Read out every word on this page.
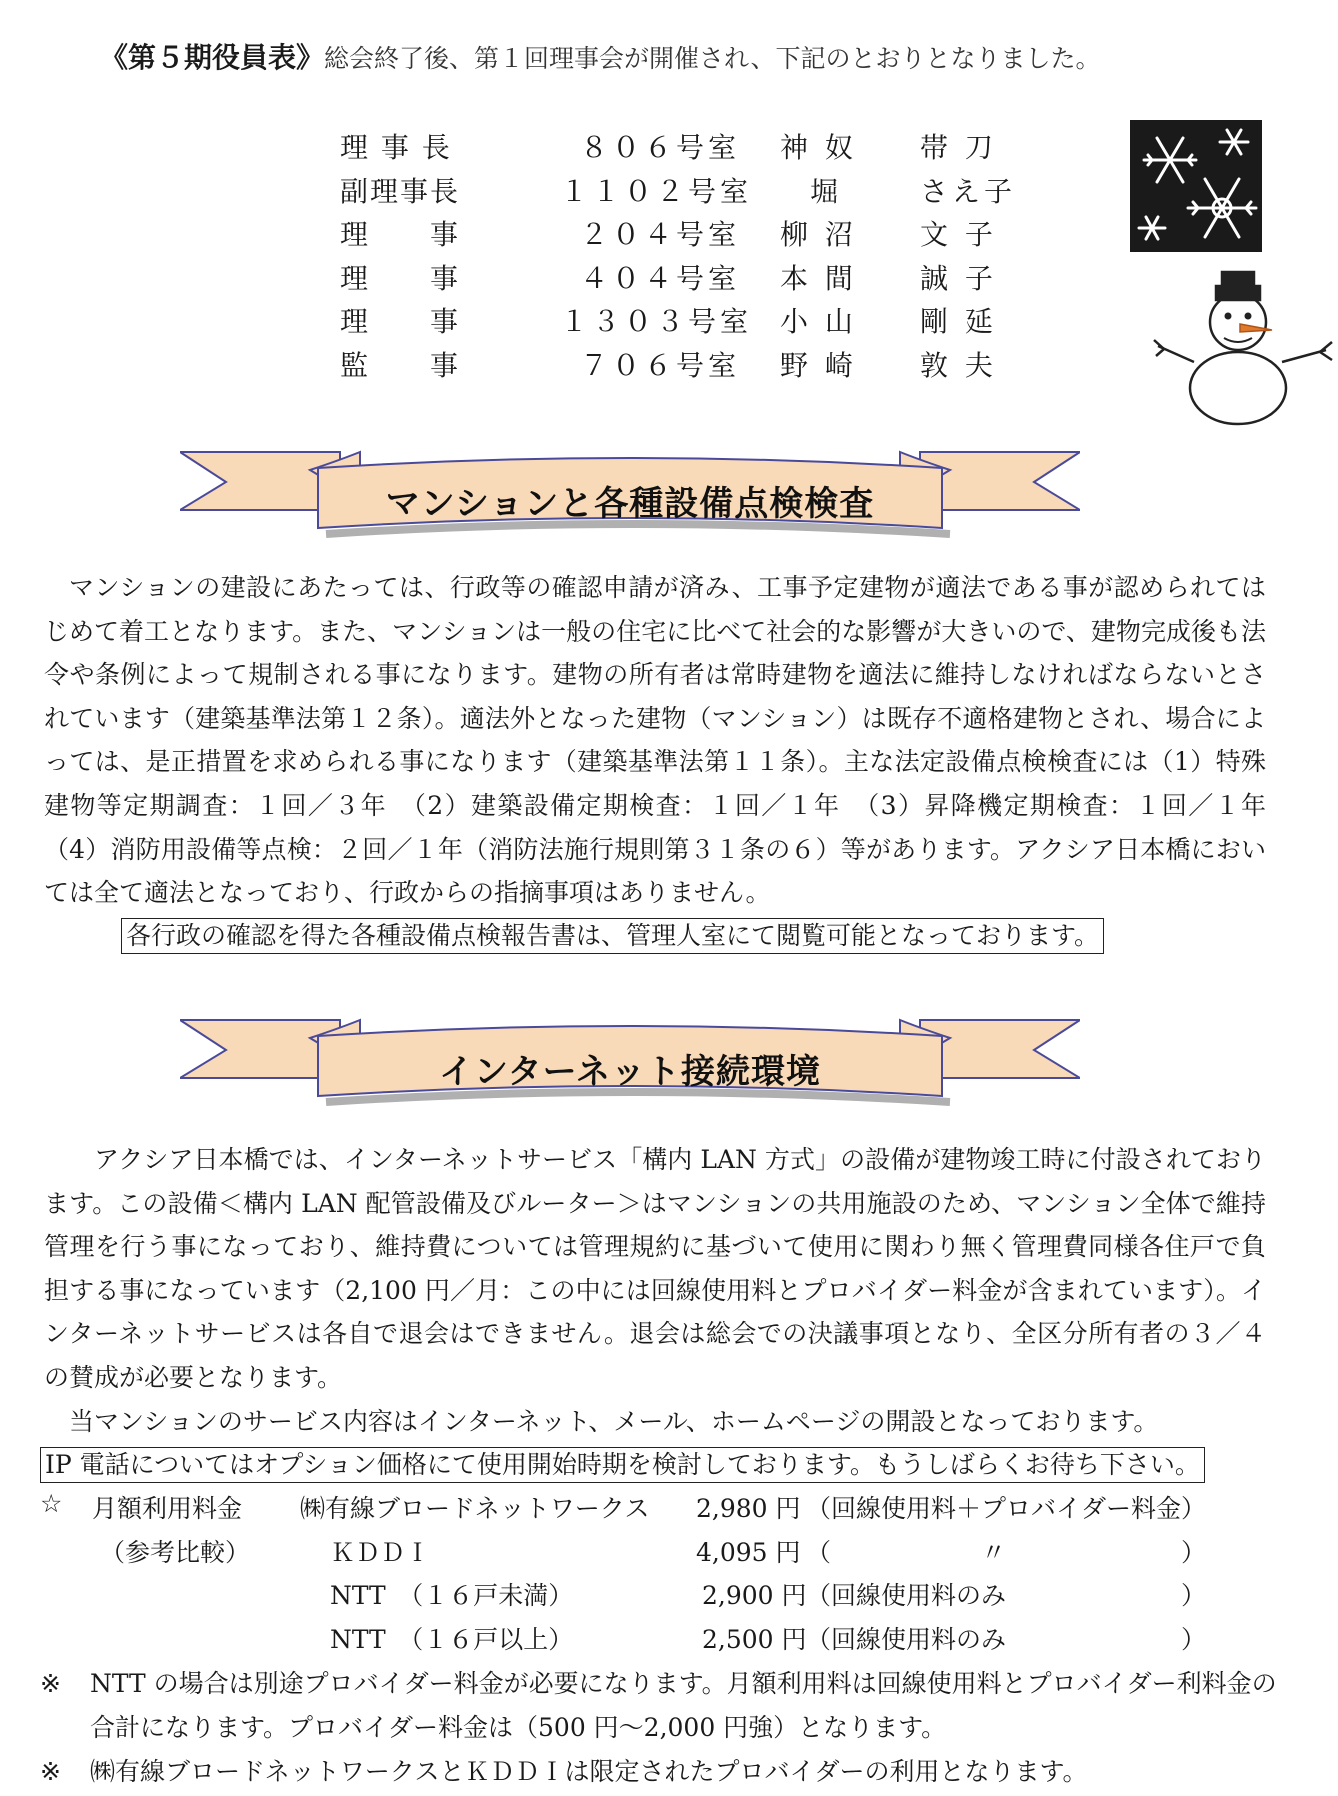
《第５期役員表》総会終了後、第１回理事会が開催され、下記のとおりとなりました。
理 事 長	８０６号室 神 奴 帯 刀
副理事長	１１０２号室 堀	さえ子
理　　事	２０４号室 柳 沼 文 子
理　　事	４０４号室 本 間 誠 子
理　　事	１３０３号室 小 山 剛 延
監　　事	７０６号室 野 崎 敦 夫
マンションと各種設備点検検査

マンションの建設にあたっては、行政等の確認申請が済み、工事予定建物が適法である事が認められてはじめて着工となります。また、マンションは一般の住宅に比べて社会的な影響が大きいので、建物完成後も法令や条例によって規制される事になります。建物の所有者は常時建物を適法に維持しなければならないとされています（建築基準法第１２条）。適法外となった建物（マンション）は既存不適格建物とされ、場合によっては、是正措置を求められる事になります（建築基準法第１１条）。主な法定設備点検検査には（1）特殊建物等定期調査：１回／３年　（2）建築設備定期検査：１回／１年　（3）昇降機定期検査：１回／１年　（4）消防用設備等点検：２回／１年（消防法施行規則第３１条の６）等があります。アクシア日本橋においては全て適法となっており、行政からの指摘事項はありません。

各行政の確認を得た各種設備点検報告書は、管理人室にて閲覧可能となっております。
インターネット接続環境

アクシア日本橋では、インターネットサービス「構内 LAN 方式」の設備が建物竣工時に付設されております。この設備＜構内 LAN 配管設備及びルーター＞はマンションの共用施設のため、マンション全体で維持管理を行う事になっており、維持費については管理規約に基づいて使用に関わり無く管理費同様各住戸で負担する事になっています（2,100 円／月：この中には回線使用料とプロバイダー料金が含まれています）。インターネットサービスは各自で退会はできません。退会は総会での決議事項となり、全区分所有者の３／４の賛成が必要となります。

当マンションのサービス内容はインターネット、メール、ホームページの開設となっております。

IP 電話についてはオプション価格にて使用開始時期を検討しております。もうしばらくお待ち下さい。
☆ 月額利用料金 ㈱有線ブロードネットワークス 2,980 円 （回線使用料＋プロバイダー料金）
（参考比較）	ＫＤＤＩ	4,095 円 （　　　　　　〃　　　　　　　）
NTT　（１６戸未満）	2,900 円 （回線使用料のみ　　　　　　　）
NTT　（１６戸以上）	2,500 円 （回線使用料のみ　　　　　　　）
※ NTT の場合は別途プロバイダー料金が必要になります。月額利用料は回線使用料とプロバイダー利料金の合計になります。プロバイダー料金は（500 円〜2,000 円強）となります。
※ ㈱有線ブロードネットワークスとＫＤＤＩは限定されたプロバイダーの利用となります。
